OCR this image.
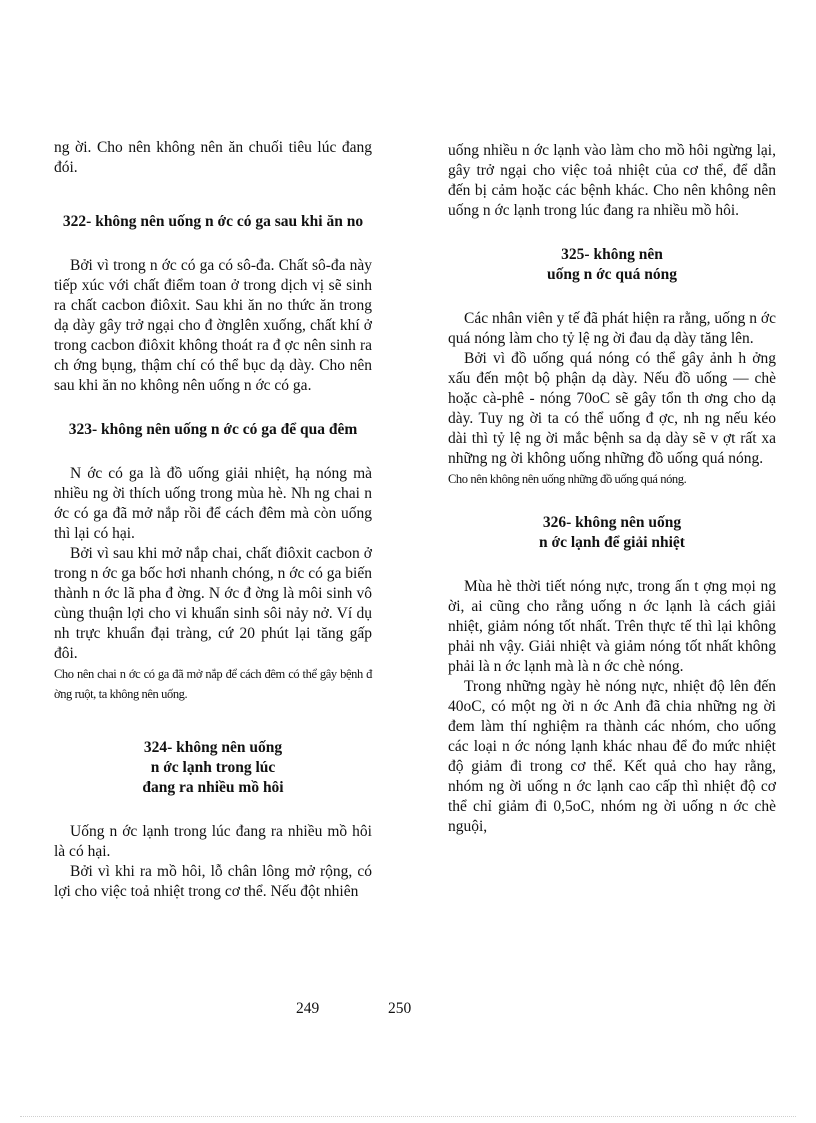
ng ời. Cho nên không nên ăn chuối tiêu lúc đang đói.

322- không nên uống n ớc có ga sau khi ăn no

Bởi vì trong n ớc có ga có sô-đa. Chất sô-đa này tiếp xúc với chất điểm toan ở trong dịch vị sẽ sinh ra chất cacbon điôxit. Sau khi ăn no thức ăn trong dạ dày gây trở ngại cho đ ờnglên xuống, chất khí ở trong cacbon điôxit không thoát ra đ ợc nên sinh ra ch ớng bụng, thậm chí có thể bục dạ dày. Cho nên sau khi ăn no không nên uống n ớc có ga.

323- không nên uống n ớc có ga để qua đêm

N ớc có ga là đồ uống giải nhiệt, hạ nóng mà nhiều ng ời thích uống trong mùa hè. Nh ng chai n ớc có ga đã mở nắp rồi để cách đêm mà còn uống thì lại có hại.

Bởi vì sau khi mở nắp chai, chất điôxit cacbon ở trong n ớc ga bốc hơi nhanh chóng, n ớc có ga biến thành n ớc lã pha đ ờng. N ớc đ ờng là môi sinh vô cùng thuận lợi cho vi khuẩn sinh sôi nảy nở. Ví dụ nh trực khuẩn đại tràng, cứ 20 phút lại tăng gấp đôi.

Cho nên chai n ớc có ga đã mở nắp để cách đêm có thể gây bệnh đ ờng ruột, ta không nên uống.

324- không nên uống
n ớc lạnh trong lúc
đang ra nhiều mồ hôi

Uống n ớc lạnh trong lúc đang ra nhiều mồ hôi là có hại.

Bởi vì khi ra mồ hôi, lỗ chân lông mở rộng, có lợi cho việc toả nhiệt trong cơ thể. Nếu đột nhiên

uống nhiều n ớc lạnh vào làm cho mồ hôi ngừng lại, gây trở ngại cho việc toả nhiệt của cơ thể, để dẫn đến bị cảm hoặc các bệnh khác. Cho nên không nên uống n ớc lạnh trong lúc đang ra nhiều mồ hôi.

325- không nên
uống n ớc quá nóng

Các nhân viên y tế đã phát hiện ra rằng, uống n ớc quá nóng làm cho tỷ lệ ng ời đau dạ dày tăng lên.

Bởi vì đồ uống quá nóng có thể gây ảnh h ởng xấu đến một bộ phận dạ dày. Nếu đồ uống — chè hoặc cà-phê - nóng 70oC sẽ gây tổn th ơng cho dạ dày. Tuy ng ời ta có thể uống đ ợc, nh ng nếu kéo dài thì tỷ lệ ng ời mắc bệnh sa dạ dày sẽ v ợt rất xa những ng ời không uống những đồ uống quá nóng.

Cho nên không nên uống những đồ uống quá nóng.

326- không nên uống
n ớc lạnh để giải nhiệt

Mùa hè thời tiết nóng nực, trong ấn t ợng mọi ng ời, ai cũng cho rằng uống n ớc lạnh là cách giải nhiệt, giảm nóng tốt nhất. Trên thực tế thì lại không phải nh vậy. Giải nhiệt và giảm nóng tốt nhất không phải là n ớc lạnh mà là n ớc chè nóng.

Trong những ngày hè nóng nực, nhiệt độ lên đến 40oC, có một ng ời n ớc Anh đã chia những ng ời đem làm thí nghiệm ra thành các nhóm, cho uống các loại n ớc nóng lạnh khác nhau để đo mức nhiệt độ giảm đi trong cơ thể. Kết quả cho hay rằng, nhóm ng ời uống n ớc lạnh cao cấp thì nhiệt độ cơ thể chỉ giảm đi 0,5oC, nhóm ng ời uống n ớc chè nguội,

249	250
